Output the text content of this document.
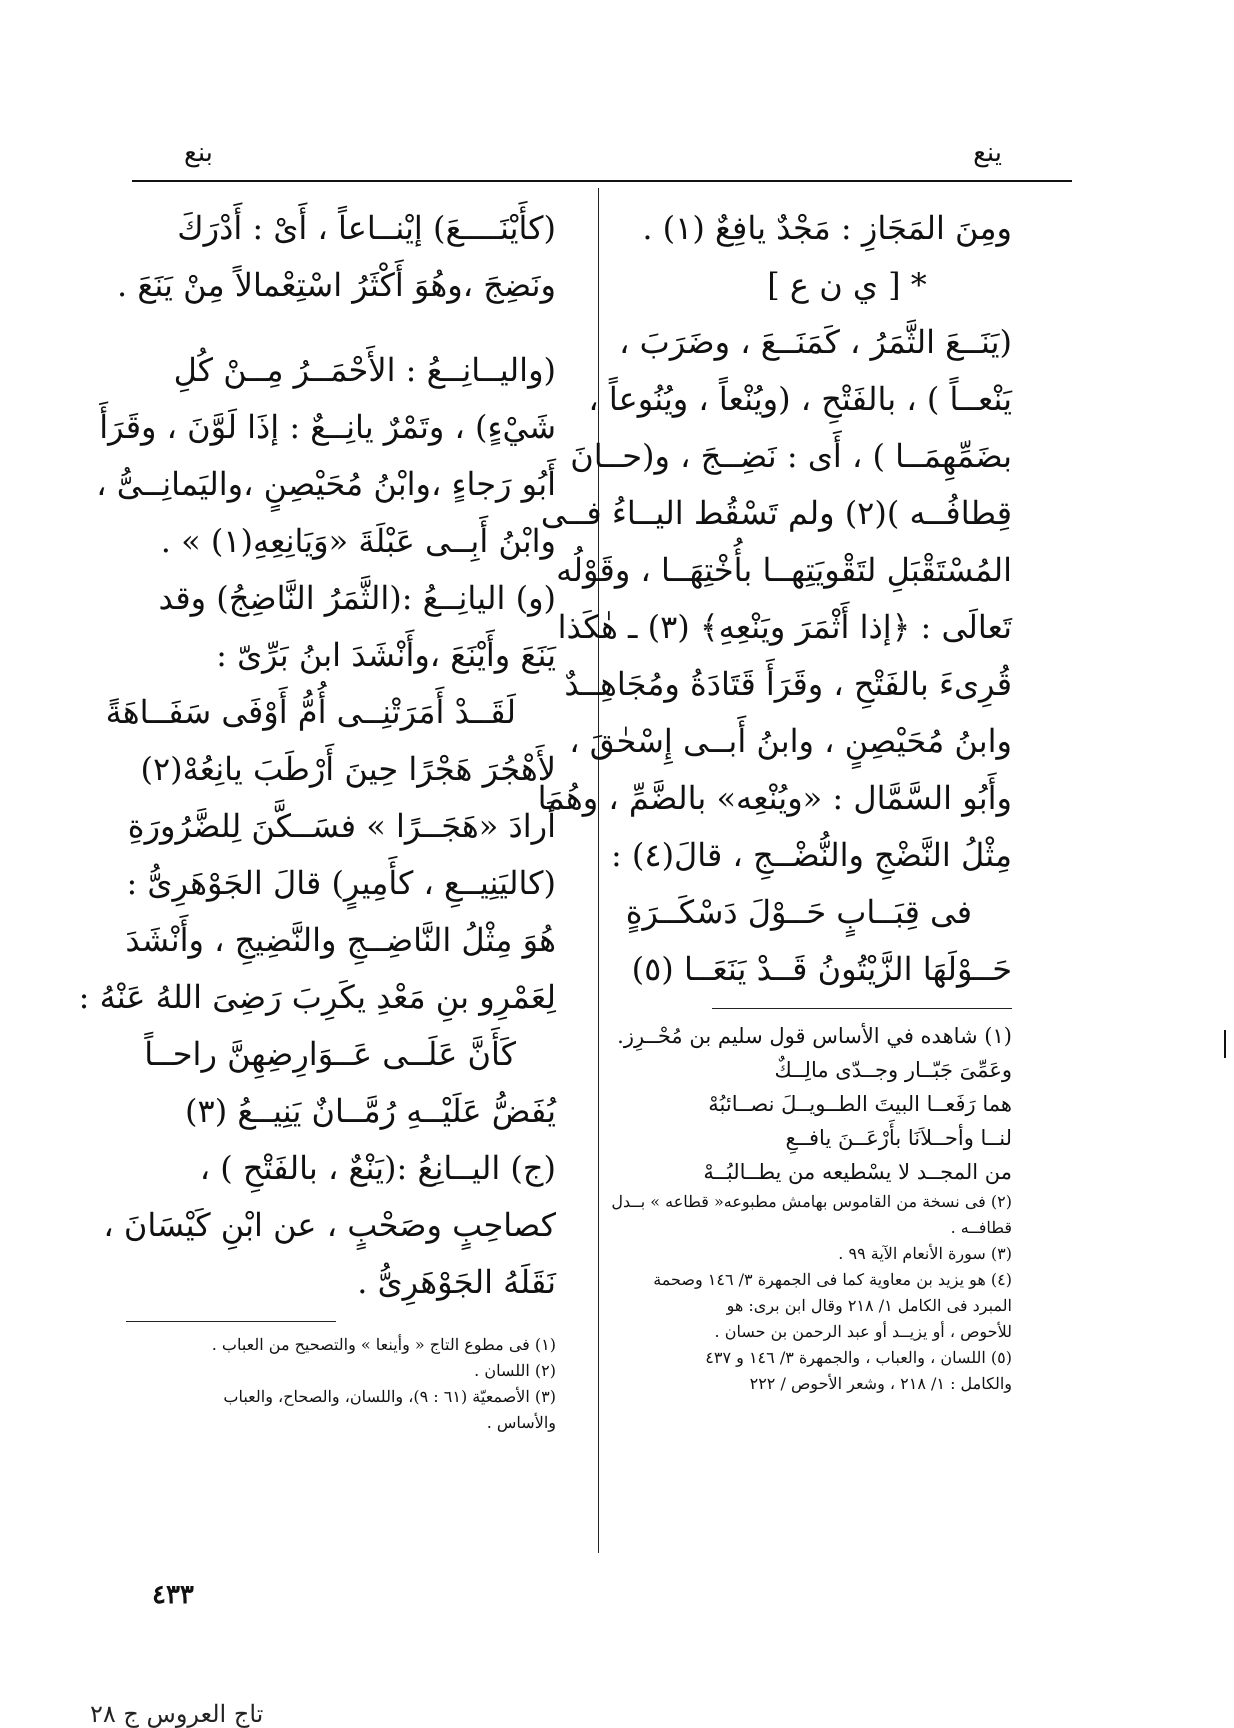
ينع
بنع
ومِنَ المَجَازِ : مَجْدٌ يافِعٌ (١) .
* [ ي ن ع ]
(يَنَــعَ الثَّمَرُ ، كَمَنَــعَ ، وضَرَبَ ،
يَنْعــاً ) ، بالفَتْحِ ، (ويُنْعاً ، ويُنُوعاً ،
بضَمِّهِمَــا ) ، أَى : نَضِــجَ ، و(حــانَ
قِطافُــه )(٢) ولم تَسْقُط اليــاءُ فــى
المُسْتَقْبَلِ لتَقْويَتِهــا بأُخْتِهَــا ، وقَوْلُه
تَعالَى : ﴿إذا أَثْمَرَ ويَنْعِهِ﴾ (٣) ـ هٰكَذا
قُرِىءَ بالفَتْحِ ، وقَرَأَ قَتَادَةُ ومُجَاهِــدٌ
وابنُ مُحَيْصِنٍ ، وابنُ أَبــى إِسْحٰقَ ،
وأَبُو السَّمَّال : «ويُنْعِه» بالضَّمِّ ، وهُمَا
مِثْلُ النَّضْجِ والنُّضْــجِ ، قالَ(٤) :
فى قِبَــابٍ حَــوْلَ دَسْكَــرَةٍ
حَــوْلَهَا الزَّيْتُونُ قَــدْ يَنَعَــا (٥)
(١) شاهده في الأساس قول سليم بن مُحْــرِز.
وعَمِّىَ جَبّــار وجــدّى مالِــكٌ
هما رَفَعــا البيتَ الطــويــلَ نصــائبُهْ
لنــا وأحــلاَنَا بأَرْعَــنَ يافــعِ
من المجــد لا يسْطيعه من يطــالبُــهْ
(٢) فى نسخة من القاموس بهامش مطبوعه« قطاعه » بــدل
قطافــه .
(٣) سورة الأنعام الآية ٩٩ .
(٤) هو يزيد بن معاوية كما فى الجمهرة ٣/ ١٤٦ وصحمة
المبرد فى الكامل ١/ ٢١٨ وقال ابن برى: هو
للأحوص ، أو يزيــد أو عبد الرحمن بن حسان .
(٥) اللسان ، والعباب ، والجمهرة ٣/ ١٤٦ و ٤٣٧
والكامل : ١/ ٢١٨ ، وشعر الأحوص / ٢٢٢
(كأَيْنَــــعَ) إيْنــاعاً ، أَىْ : أَدْرَكَ
ونَضِجَ ،وهُوَ أَكْثَرُ اسْتِعْمالاً مِنْ يَنَعَ .
(واليــانِــعُ : الأَحْمَــرُ مِــنْ كُلِ
شَيْءٍ) ، وتَمْرٌ يانِــعٌ : إذَا لَوَّنَ ، وقَرَأَ
أَبُو رَجاءٍ ،وابْنُ مُحَيْصِنٍ ،واليَمانِــىُّ ،
وابْنُ أَبِــى عَبْلَةَ «وَيَانِعِهِ(١) » .
(و) اليانِــعُ :(الثَّمَرُ النَّاضِجُ) وقد
يَنَعَ وأَيْنَعَ ،وأَنْشَدَ ابنُ بَرِّىّ :
لَقَــدْ أَمَرَتْنِــى أُمُّ أَوْفَى سَفَــاهَةً
لأَهْجُرَ هَجْرًا حِينَ أَرْطَبَ يانِعُهْ(٢)
أَرادَ «هَجَــرًا » فسَــكَّنَ لِلضَّرُورَةِ
(كاليَنِيــعِ ، كأَمِيرٍ) قالَ الجَوْهَرِىُّ :
هُوَ مِثْلُ النَّاضِــجِ والنَّضِيجِ ، وأَنْشَدَ
لِعَمْرِو بنِ مَعْدِ يكَرِبَ رَضِىَ اللهُ عَنْهُ :
كَأَنَّ عَلَــى عَــوَارِضِهِنَّ راحــاً
يُفَضُّ عَلَيْــهِ رُمَّــانٌ يَنِيــعُ (٣)
(ج) اليــانِعُ :(يَنْعٌ ، بالفَتْحِ ) ،
كصاحِبٍ وصَحْبٍ ، عن ابْنِ كَيْسَانَ ،
نَقَلَهُ الجَوْهَرِىُّ .
(١) فى مطوع التاج « وأينعا » والتصحيح من العباب .
(٢) اللسان .
(٣) الأصمعيّة (٦١ : ٩)، واللسان، والصحاح، والعباب
والأساس .
٤٣٣
تاج العروس ج ٢٨
